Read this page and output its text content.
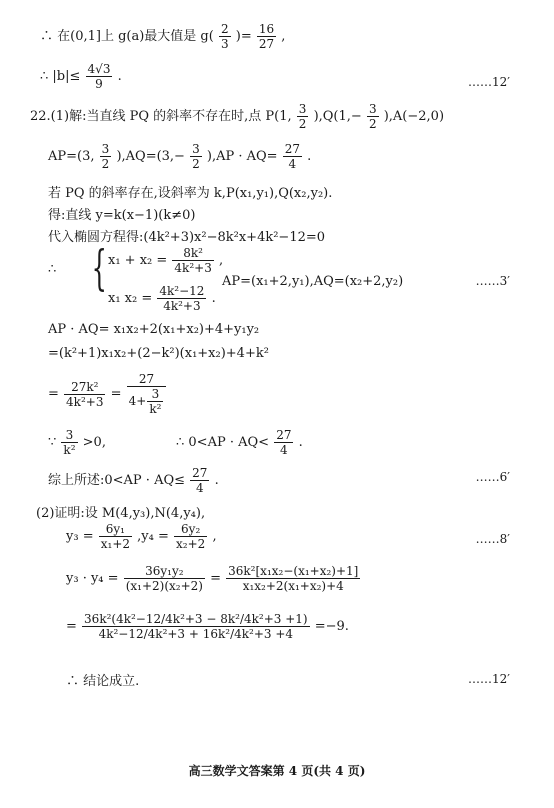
∴ 在(0,1]上 g(a)最大值是 $g( \frac{2}{3}$ )= $\frac{16}{27}$ ,
∴ $|b|\le \frac{4√3}{9}$ .	……12′
22.(1)解:当直线 PQ 的斜率不存在时,点 P(1, $\frac{3}{2} ),Q(1,- \frac{3}{2} ),A(-2,0)$
AP=(3, $\frac{3}{2} ),AQ=(3,- \frac{3}{2} ),AP \cdot AQ= \frac{27}{4}$ .
若 PQ 的斜率存在,设斜率为 k,P(x₁,y₁),Q(x₂,y₂).
得:直线 y=k(x−1)(k≠0)
代入椭圆方程得:(4k²+3)x²−8k²x+4k²−12=0
∴ { $x_1 + x_2 = \frac{\text{8k²}}{\text{4k²+3}}$ ,
x₁ $x_2 = \frac{\text{4k²−12}}{\text{4k²+3}}$ .
AP=(x₁+2,y₁),AQ=(x₂+2,y₂)	……3′
AP · AQ= x₁x₂+2(x₁+x₂)+4+y₁y₂
=(k²+1)x₁x₂+(2−k²)(x₁+x₂)+4+k²
= $\frac{\text{27k²}}{\text{4k²+3}} = \frac{27}{4+ \frac{3}{\text{k²}}}$
∵ $\frac{3}{\text{k²}} >0$,	∴ $0<AP \cdot AQ< \frac{27}{4}$ .
综上所述:0<AP · $AQ\le \frac{27}{4}$ .	……6′
(2)证明:设 M(4,y₃),N(4,y₄),
$y_3 = \frac{\text{6y₁}}{\text{x₁+2}} ,y_4 = \frac{\text{6y₂}}{\text{x₂+2}}$ ,	……8′
$y_3 \cdot y_4 = \frac{\text{36y₁y₂}}{\text{(x₁+2)(x₂+2)}} = \frac{\text{36k²[x₁x₂−(x₁+x₂)+1]}}{\text{x₁x₂+2(x₁+x₂)+4}}$
= $\frac{\text{36k²(4k²−12/4k²+3 − 8k²/4k²+3 +1)}}{\text{4k²−12/4k²+3 + 16k²/4k²+3 +4}} =-9$.
∴ 结论成立.	……12′
高三数学文答案第 4 页(共 4 页)
